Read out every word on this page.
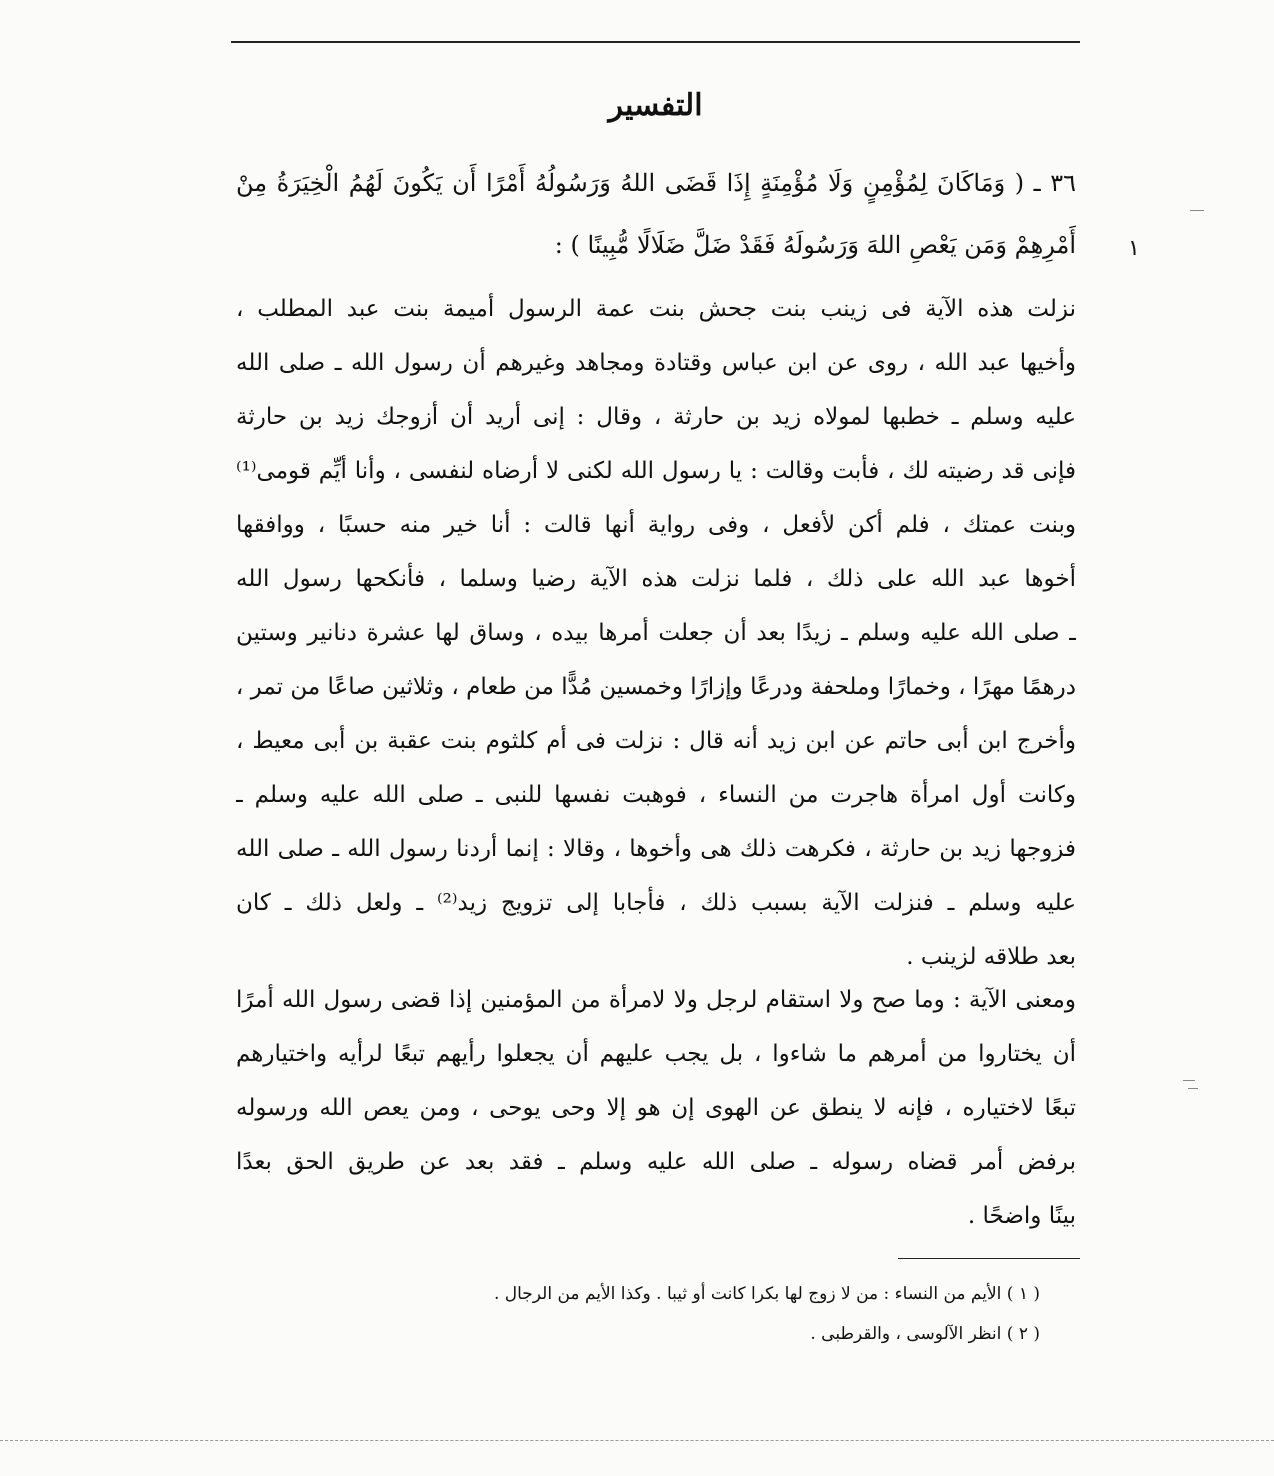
التفسير
١
٣٦ ـ ( وَمَاكَانَ لِمُؤْمِنٍ وَلَا مُؤْمِنَةٍ إِذَا قَضَى اللهُ وَرَسُولُهُ أَمْرًا أَن يَكُونَ لَهُمُ الْخِيَرَةُ مِنْ
أَمْرِهِمْ وَمَن يَعْصِ اللهَ وَرَسُولَهُ فَقَدْ ضَلَّ ضَلَالًا مُّبِينًا ) :
نزلت هذه الآية فى زينب بنت جحش بنت عمة الرسول أميمة بنت عبد المطلب ،
وأخيها عبد الله ، روى عن ابن عباس وقتادة ومجاهد وغيرهم أن رسول الله ـ صلى الله
عليه وسلم ـ خطبها لمولاه زيد بن حارثة ، وقال : إنى أريد أن أزوجك زيد بن حارثة
فإنى قد رضيته لك ، فأبت وقالت : يا رسول الله لكنى لا أرضاه لنفسى ، وأنا أيِّم قومى⁽¹⁾
وبنت عمتك ، فلم أكن لأفعل ، وفى رواية أنها قالت : أنا خير منه حسبًا ، ووافقها
أخوها عبد الله على ذلك ، فلما نزلت هذه الآية رضيا وسلما ، فأنكحها رسول الله
ـ صلى الله عليه وسلم ـ زيدًا بعد أن جعلت أمرها بيده ، وساق لها عشرة دنانير وستين
درهمًا مهرًا ، وخمارًا وملحفة ودرعًا وإزارًا وخمسين مُدًّا من طعام ، وثلاثين صاعًا من تمر ،
وأخرج ابن أبى حاتم عن ابن زيد أنه قال : نزلت فى أم كلثوم بنت عقبة بن أبى معيط ،
وكانت أول امرأة هاجرت من النساء ، فوهبت نفسها للنبى ـ صلى الله عليه وسلم ـ
فزوجها زيد بن حارثة ، فكرهت ذلك هى وأخوها ، وقالا : إنما أردنا رسول الله ـ صلى الله
عليه وسلم ـ فنزلت الآية بسبب ذلك ، فأجابا إلى تزويج زيد⁽²⁾ ـ ولعل ذلك ـ كان
بعد طلاقه لزينب .
ومعنى الآية : وما صح ولا استقام لرجل ولا لامرأة من المؤمنين إذا قضى رسول الله أمرًا
أن يختاروا من أمرهم ما شاءوا ، بل يجب عليهم أن يجعلوا رأيهم تبعًا لرأيه واختيارهم
تبعًا لاختياره ، فإنه لا ينطق عن الهوى إن هو إلا وحى يوحى ، ومن يعص الله ورسوله
برفض أمر قضاه رسوله ـ صلى الله عليه وسلم ـ فقد بعد عن طريق الحق بعدًا
بينًا واضحًا .
( ١ ) الأيم من النساء : من لا زوج لها بكرا كانت أو ثيبا . وكذا الأيم من الرجال .
( ٢ ) انظر الآلوسى ، والقرطبى .
